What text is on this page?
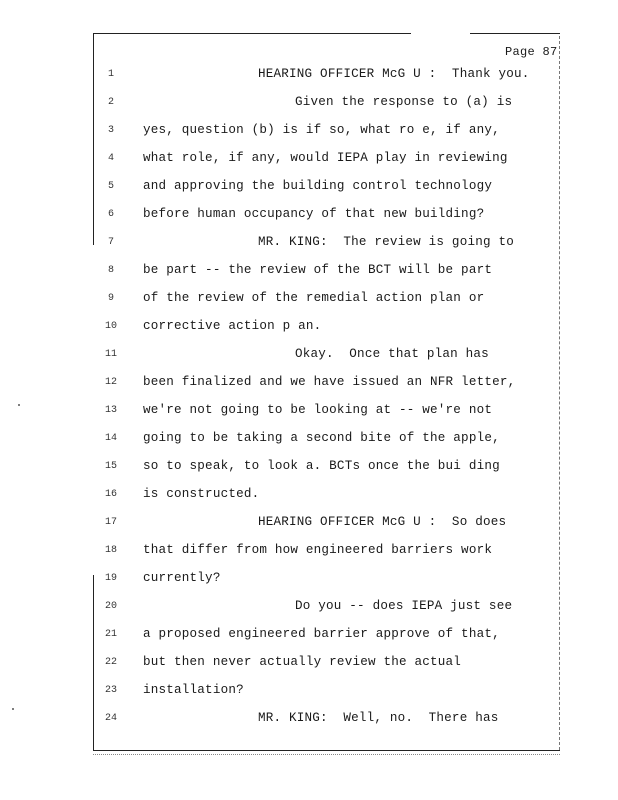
Page 87
1	HEARING OFFICER McG U :  Thank you.
2	Given the response to (a) is
3	yes, question (b) is if so, what ro e, if any,
4	what role, if any, would IEPA play in reviewing
5	and approving the building control technology
6	before human occupancy of that new building?
7	MR. KING:  The review is going to
8	be part -- the review of the BCT will be part
9	of the review of the remedial action plan or
10	corrective action p an.
11	Okay.  Once that plan has
12	been finalized and we have issued an NFR letter,
13	we're not going to be looking at -- we're not
14	going to be taking a second bite of the apple,
15	so to speak, to look a. BCTs once the bui ding
16	is constructed.
17	HEARING OFFICER McG U :  So does
18	that differ from how engineered barriers work
19	currently?
20	Do you -- does IEPA just see
21	a proposed engineered barrier approve of that,
22	but then never actually review the actual
23	installation?
24	MR. KING:  Well, no.  There has
